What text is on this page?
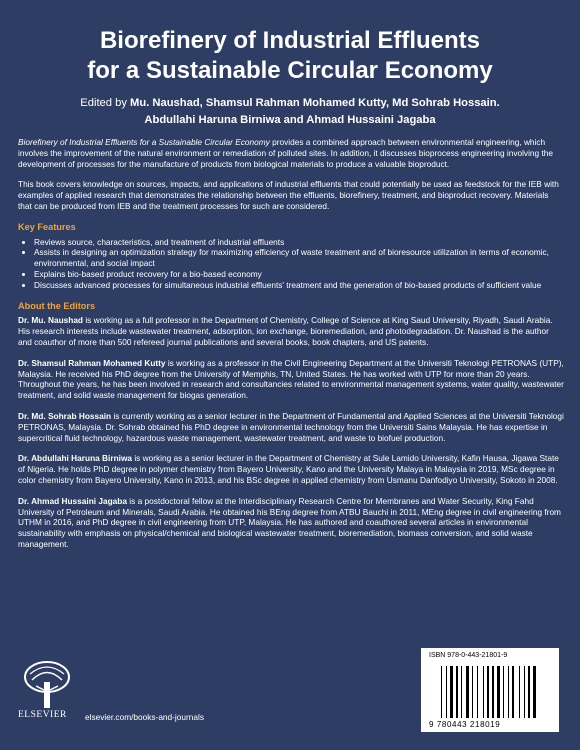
Biorefinery of Industrial Effluents
for a Sustainable Circular Economy
Edited by Mu. Naushad, Shamsul Rahman Mohamed Kutty, Md Sohrab Hossain.
Abdullahi Haruna Birniwa and Ahmad Hussaini Jagaba

Biorefinery of Industrial Effluents for a Sustainable Circular Economy provides a combined approach between environmental engineering, which involves the improvement of the natural environment or remediation of polluted sites. In addition, it discusses bioprocess engineering involving the development of processes for the manufacture of products from biological materials to produce a valuable bioproduct.

This book covers knowledge on sources, impacts, and applications of industrial effluents that could potentially be used as feedstock for the IEB with examples of applied research that demonstrates the relationship between the effluents, biorefinery, treatment, and bioproduct recovery. Materials that can be produced from IEB and the treatment processes for such are considered.

Key Features
• Reviews source, characteristics, and treatment of industrial effluents
• Assists in designing an optimization strategy for maximizing efficiency of waste treatment and of bioresource utilization in terms of economic, environmental, and social impact
• Explains bio-based product recovery for a bio-based economy
• Discusses advanced processes for simultaneous industrial effluents' treatment and the generation of bio-based products of sufficient value
About the Editors

Dr. Mu. Naushad is working as a full professor in the Department of Chemistry, College of Science at King Saud University, Riyadh, Saudi Arabia. His research interests include wastewater treatment, adsorption, ion exchange, bioremediation, and photodegradation. Dr. Naushad is the author and coauthor of more than 500 refereed journal publications and several books, book chapters, and US patents.

Dr. Shamsul Rahman Mohamed Kutty is working as a professor in the Civil Engineering Department at the Universiti Teknologi PETRONAS (UTP), Malaysia. He received his PhD degree from the University of Memphis, TN, United States. He has worked with UTP for more than 20 years. Throughout the years, he has been involved in research and consultancies related to environmental management systems, water quality, wastewater treatment, and solid waste management for biogas generation.

Dr. Md. Sohrab Hossain is currently working as a senior lecturer in the Department of Fundamental and Applied Sciences at the Universiti Teknologi PETRONAS, Malaysia. Dr. Sohrab obtained his PhD degree in environmental technology from the Universiti Sains Malaysia. He has expertise in supercritical fluid technology, hazardous waste management, wastewater treatment, and waste to biofuel production.

Dr. Abdullahi Haruna Birniwa is working as a senior lecturer in the Department of Chemistry at Sule Lamido University, Kafin Hausa, Jigawa State of Nigeria. He holds PhD degree in polymer chemistry from Bayero University, Kano and the University Malaya in Malaysia in 2019, MSc degree in color chemistry from Bayero University, Kano in 2013, and his BSc degree in applied chemistry from Usmanu Danfodiyo University, Sokoto in 2008.

Dr. Ahmad Hussaini Jagaba is a postdoctoral fellow at the Interdisciplinary Research Centre for Membranes and Water Security, King Fahd University of Petroleum and Minerals, Saudi Arabia. He obtained his BEng degree from ATBU Bauchi in 2011, MEng degree in civil engineering from UTHM in 2016, and PhD degree in civil engineering from UTP, Malaysia. He has authored and coauthored several articles in environmental sustainability with emphasis on physical/chemical and biological wastewater treatment, bioremediation, biomass conversion, and solid waste management.

ELSEVIER elsevier.com/books-and-journals
ISBN 978-0-443-21801-9
9 780443 218019
